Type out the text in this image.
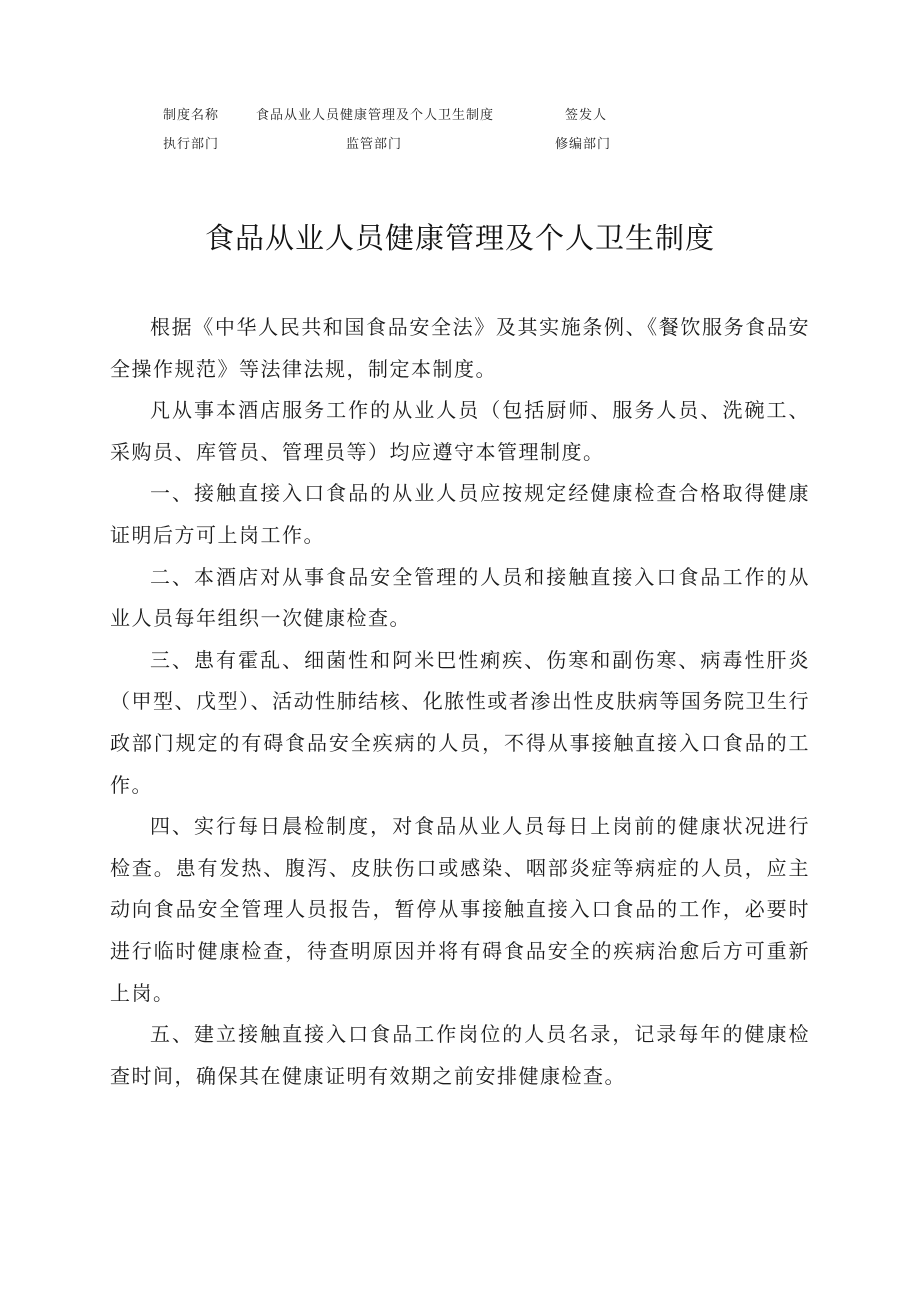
制度名称	食品从业人员健康管理及个人卫生制度	签发人
执行部门	监管部门	修编部门
食品从业人员健康管理及个人卫生制度

根据《中华人民共和国食品安全法》及其实施条例、《餐饮服务食品安全操作规范》等法律法规，制定本制度。

凡从事本酒店服务工作的从业人员（包括厨师、服务人员、洗碗工、采购员、库管员、管理员等）均应遵守本管理制度。

一、接触直接入口食品的从业人员应按规定经健康检查合格取得健康证明后方可上岗工作。

二、本酒店对从事食品安全管理的人员和接触直接入口食品工作的从业人员每年组织一次健康检查。

三、患有霍乱、细菌性和阿米巴性痢疾、伤寒和副伤寒、病毒性肝炎（甲型、戊型）、活动性肺结核、化脓性或者渗出性皮肤病等国务院卫生行政部门规定的有碍食品安全疾病的人员，不得从事接触直接入口食品的工作。

四、实行每日晨检制度，对食品从业人员每日上岗前的健康状况进行检查。患有发热、腹泻、皮肤伤口或感染、咽部炎症等病症的人员，应主动向食品安全管理人员报告，暂停从事接触直接入口食品的工作，必要时进行临时健康检查，待查明原因并将有碍食品安全的疾病治愈后方可重新上岗。

五、建立接触直接入口食品工作岗位的人员名录，记录每年的健康检查时间，确保其在健康证明有效期之前安排健康检查。
